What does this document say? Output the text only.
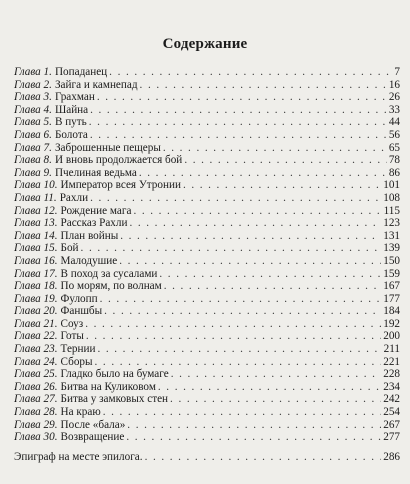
Содержание
Глава 1. Попаданец . . .	7
Глава 2. Зайга и камнепад . . .	16
Глава 3. Грахман . . .	26
Глава 4. Шайна . . .	33
Глава 5. В путь . . .	44
Глава 6. Болота . . .	56
Глава 7. Заброшенные пещеры . . .	65
Глава 8. И вновь продолжается бой . . .	78
Глава 9. Пчелиная ведьма . . .	86
Глава 10. Император всея Утронии . . .	101
Глава 11. Рахли . . .	108
Глава 12. Рождение мага . . .	115
Глава 13. Рассказ Рахли . . .	123
Глава 14. План войны . . .	131
Глава 15. Бой . . .	139
Глава 16. Малодушие . . .	150
Глава 17. В поход за сусалами . . .	159
Глава 18. По морям, по волнам . . .	167
Глава 19. Фулопп . . .	177
Глава 20. Фаншбы . . .	184
Глава 21. Соуз . . .	192
Глава 22. Готы . . .	200
Глава 23. Тернии . . .	211
Глава 24. Сборы . . .	221
Глава 25. Гладко было на бумаге . . .	228
Глава 26. Битва на Куликовом . . .	234
Глава 27. Битва у замковых стен . . .	242
Глава 28. На краю . . .	254
Глава 29. После «бала» . . .	267
Глава 30. Возвращение . . .	277
Эпиграф на месте эпилога. . . .	286
